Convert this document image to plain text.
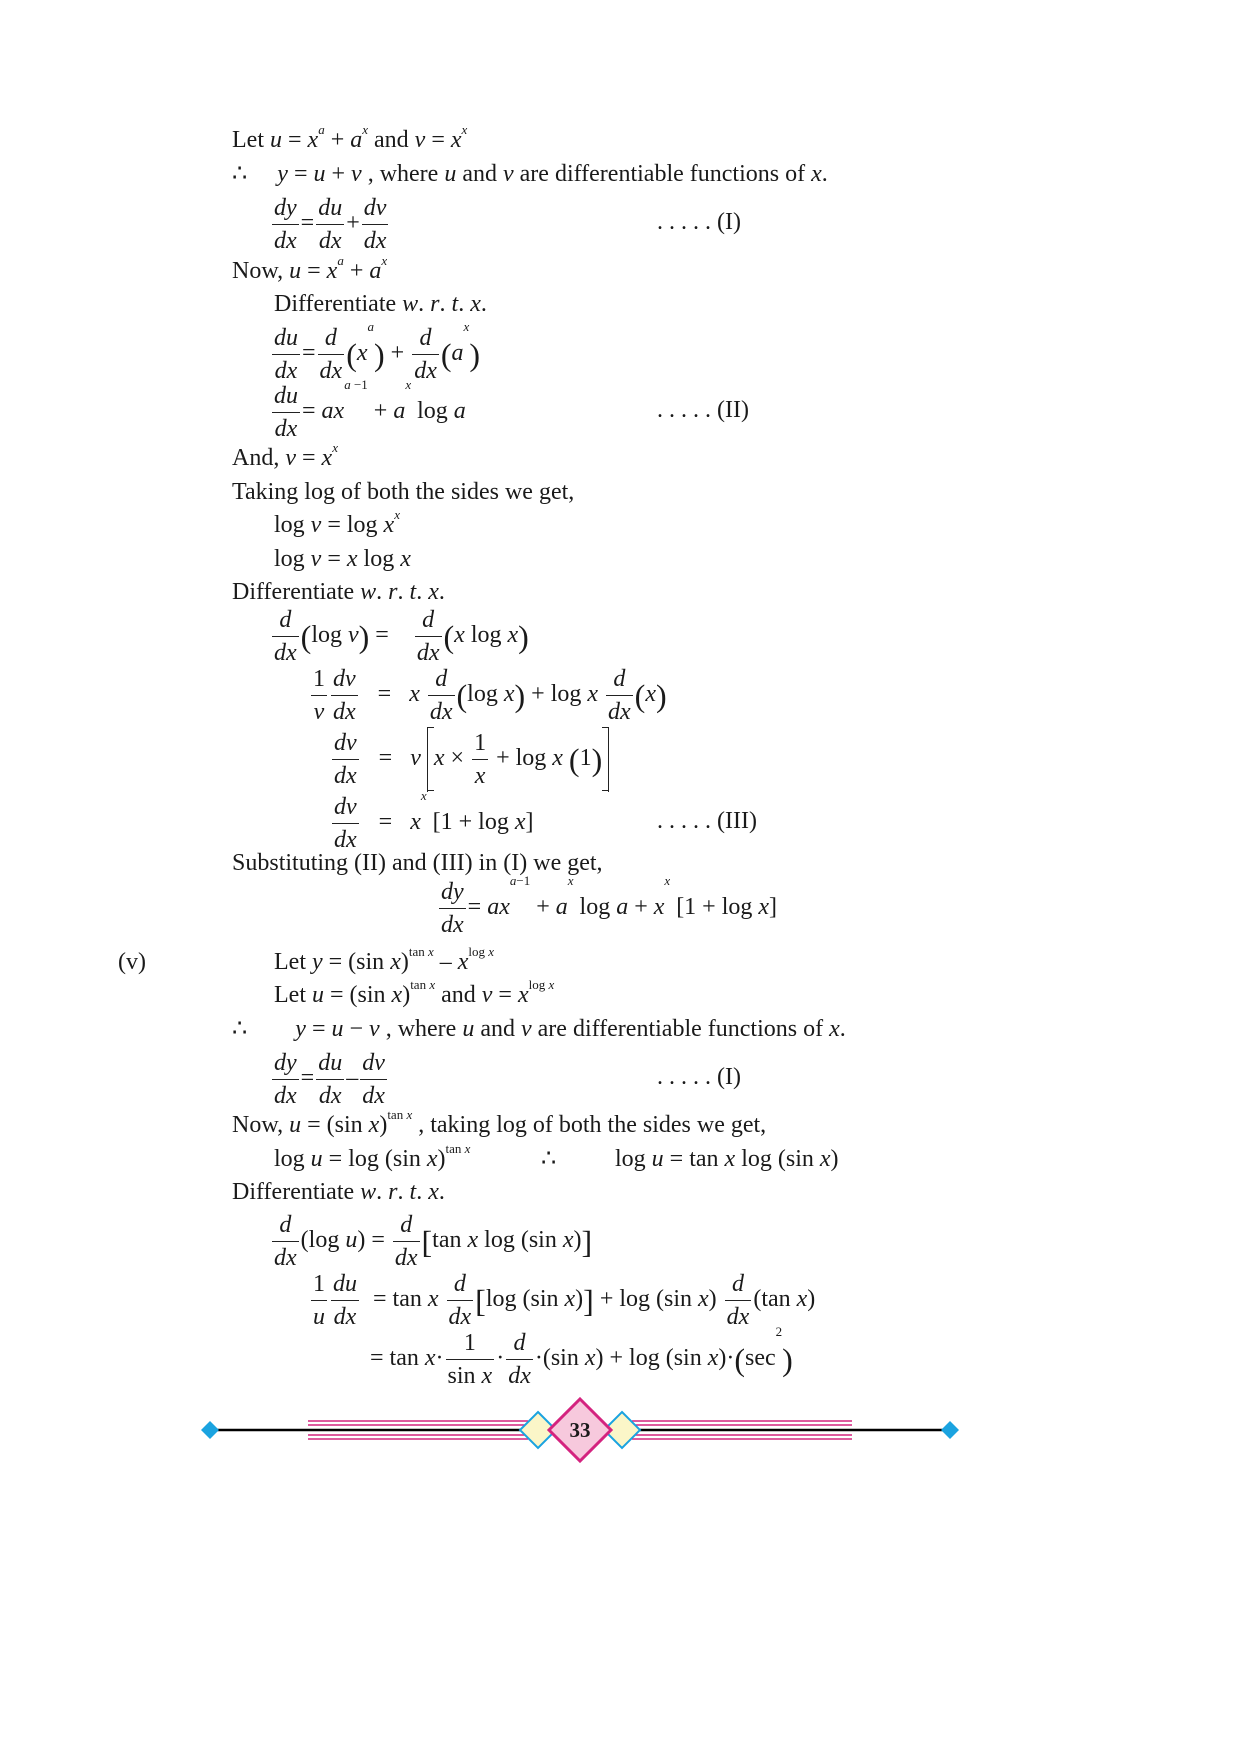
Let $u = x^a + a^x$ and $v = x^x$
∴     y = u + v , where u and v are differentiable functions of x.
$\frac{dy}{dx} = \frac{du}{dx} + \frac{dv}{dx}$	. . . . . (I)
Now, $u = x^a + a^x$
Differentiate w. r. t. x.
$\frac{du}{dx} = \frac{d}{dx} (x^a) + \frac{d}{dx} (a^x)$
$\frac{du}{dx} = ax^{a -1} + a^x$ log a	. . . . . (II)
And, $v = x^x$
Taking log of both the sides we get,
$\log v = \log x^x$
log v = x log x
Differentiate w. r. t. x.
$\frac{d}{dx} (\log$ $v) = \frac{d}{dx} (x$ log x)
$\frac{1}{v} \frac{dv}{dx} = x \frac{d}{dx} (\log$ x) + log x $\frac{d}{dx} (x)$
$\frac{dv}{dx} = v$ $x \times \frac{1}{x} + \log x$ (1)
$\frac{dv}{dx} = x^x$ [1 + log x]	. . . . . (III)
Substituting (II) and (III) in (I) we get,
$\frac{dy}{dx} = ax^{a-1} + a^x$ $\log a + x^x$ [1 + log x]
(v)	Let y = (sin $x)^{tan x} - x^{log x}$
Let u = (sin x)$^{tan x}$ and $v = x^{log x}$
∴        y = u − v , where u and v are differentiable functions of x.
$\frac{dy}{dx} = \frac{du}{dx} - \frac{dv}{dx}$	. . . . . (I)
Now, u = (sin x)$^{tan x}$ , taking log of both the sides we get,
log u = log (sin x)$^{tan x}$	∴ log u = tan x log (sin x)
Differentiate w. r. t. x.
$\frac{d}{dx} (\log$ $u) = \frac{d}{dx} [\tan$ x log (sin x)]
$\frac{1}{u} \frac{du}{dx} = \tan x \frac{d}{dx} [\log$ (sin x)] + log (sin $x) \frac{d}{dx} (\tan$ x)
= $\tan x\cdot \frac{1}{\text{sin x}} \cdot \frac{d}{dx} \cdot(\sin$ x) + log (sin $x)\cdot(\sec^2)$
33
